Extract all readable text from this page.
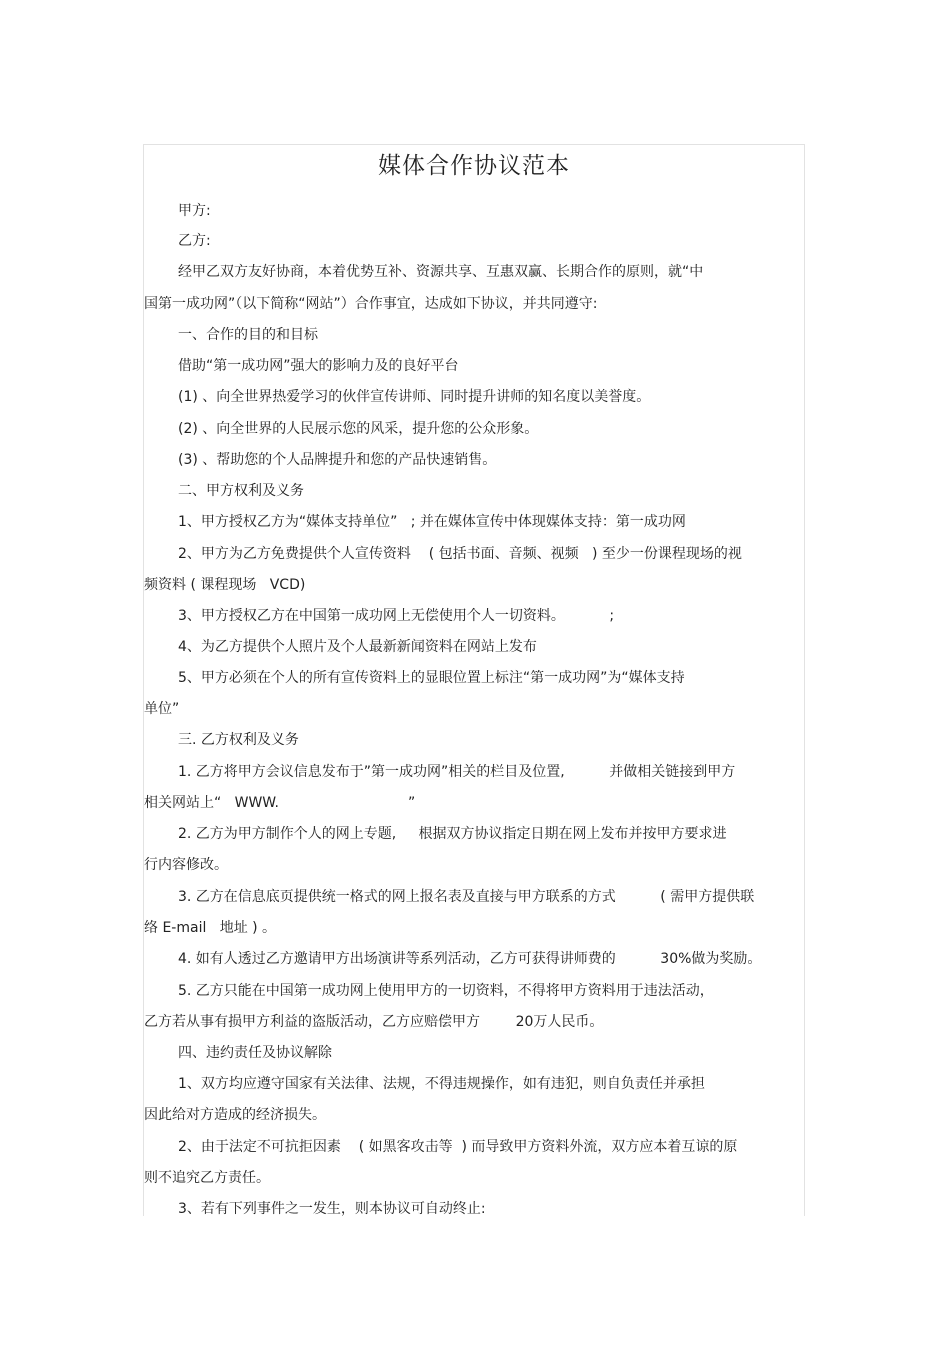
媒体合作协议范本
甲方:
乙方:
经甲乙双方友好协商，本着优势互补、资源共享、互惠双赢、长期合作的原则，就“中
国第一成功网”（以下简称“网站”）合作事宜，达成如下协议，并共同遵守:
一、合作的目的和目标
借助“第一成功网”强大的影响力及的良好平台
(1) 、向全世界热爱学习的伙伴宣传讲师、同时提升讲师的知名度以美誉度。
(2) 、向全世界的人民展示您的风采，提升您的公众形象。
(3) 、帮助您的个人品牌提升和您的产品快速销售。
二、甲方权利及义务
1、甲方授权乙方为“媒体支持单位”   ; 并在媒体宣传中体现媒体支持：第一成功网
2、甲方为乙方免费提供个人宣传资料    ( 包括书面、音频、视频   ) 至少一份课程现场的视
频资料 ( 课程现场   VCD)
3、甲方授权乙方在中国第一成功网上无偿使用个人一切资料。          ;
4、为乙方提供个人照片及个人最新新闻资料在网站上发布
5、甲方必须在个人的所有宣传资料上的显眼位置上标注“第一成功网”为“媒体支持
单位”
三. 乙方权利及义务
1. 乙方将甲方会议信息发布于”第一成功网”相关的栏目及位置,          并做相关链接到甲方
相关网站上“   WWW.                             ”
2. 乙方为甲方制作个人的网上专题,     根据双方协议指定日期在网上发布并按甲方要求进
行内容修改。
3. 乙方在信息底页提供统一格式的网上报名表及直接与甲方联系的方式          ( 需甲方提供联
络 E-mail   地址 ) 。
4. 如有人透过乙方邀请甲方出场演讲等系列活动，乙方可获得讲师费的          30%做为奖励。
5. 乙方只能在中国第一成功网上使用甲方的一切资料，不得将甲方资料用于违法活动，
乙方若从事有损甲方利益的盗版活动，乙方应赔偿甲方        20万人民币。
四、违约责任及协议解除
1、双方均应遵守国家有关法律、法规，不得违规操作，如有违犯，则自负责任并承担
因此给对方造成的经济损失。
2、由于法定不可抗拒因素    ( 如黑客攻击等  ) 而导致甲方资料外流，双方应本着互谅的原
则不追究乙方责任。
3、若有下列事件之一发生，则本协议可自动终止:
